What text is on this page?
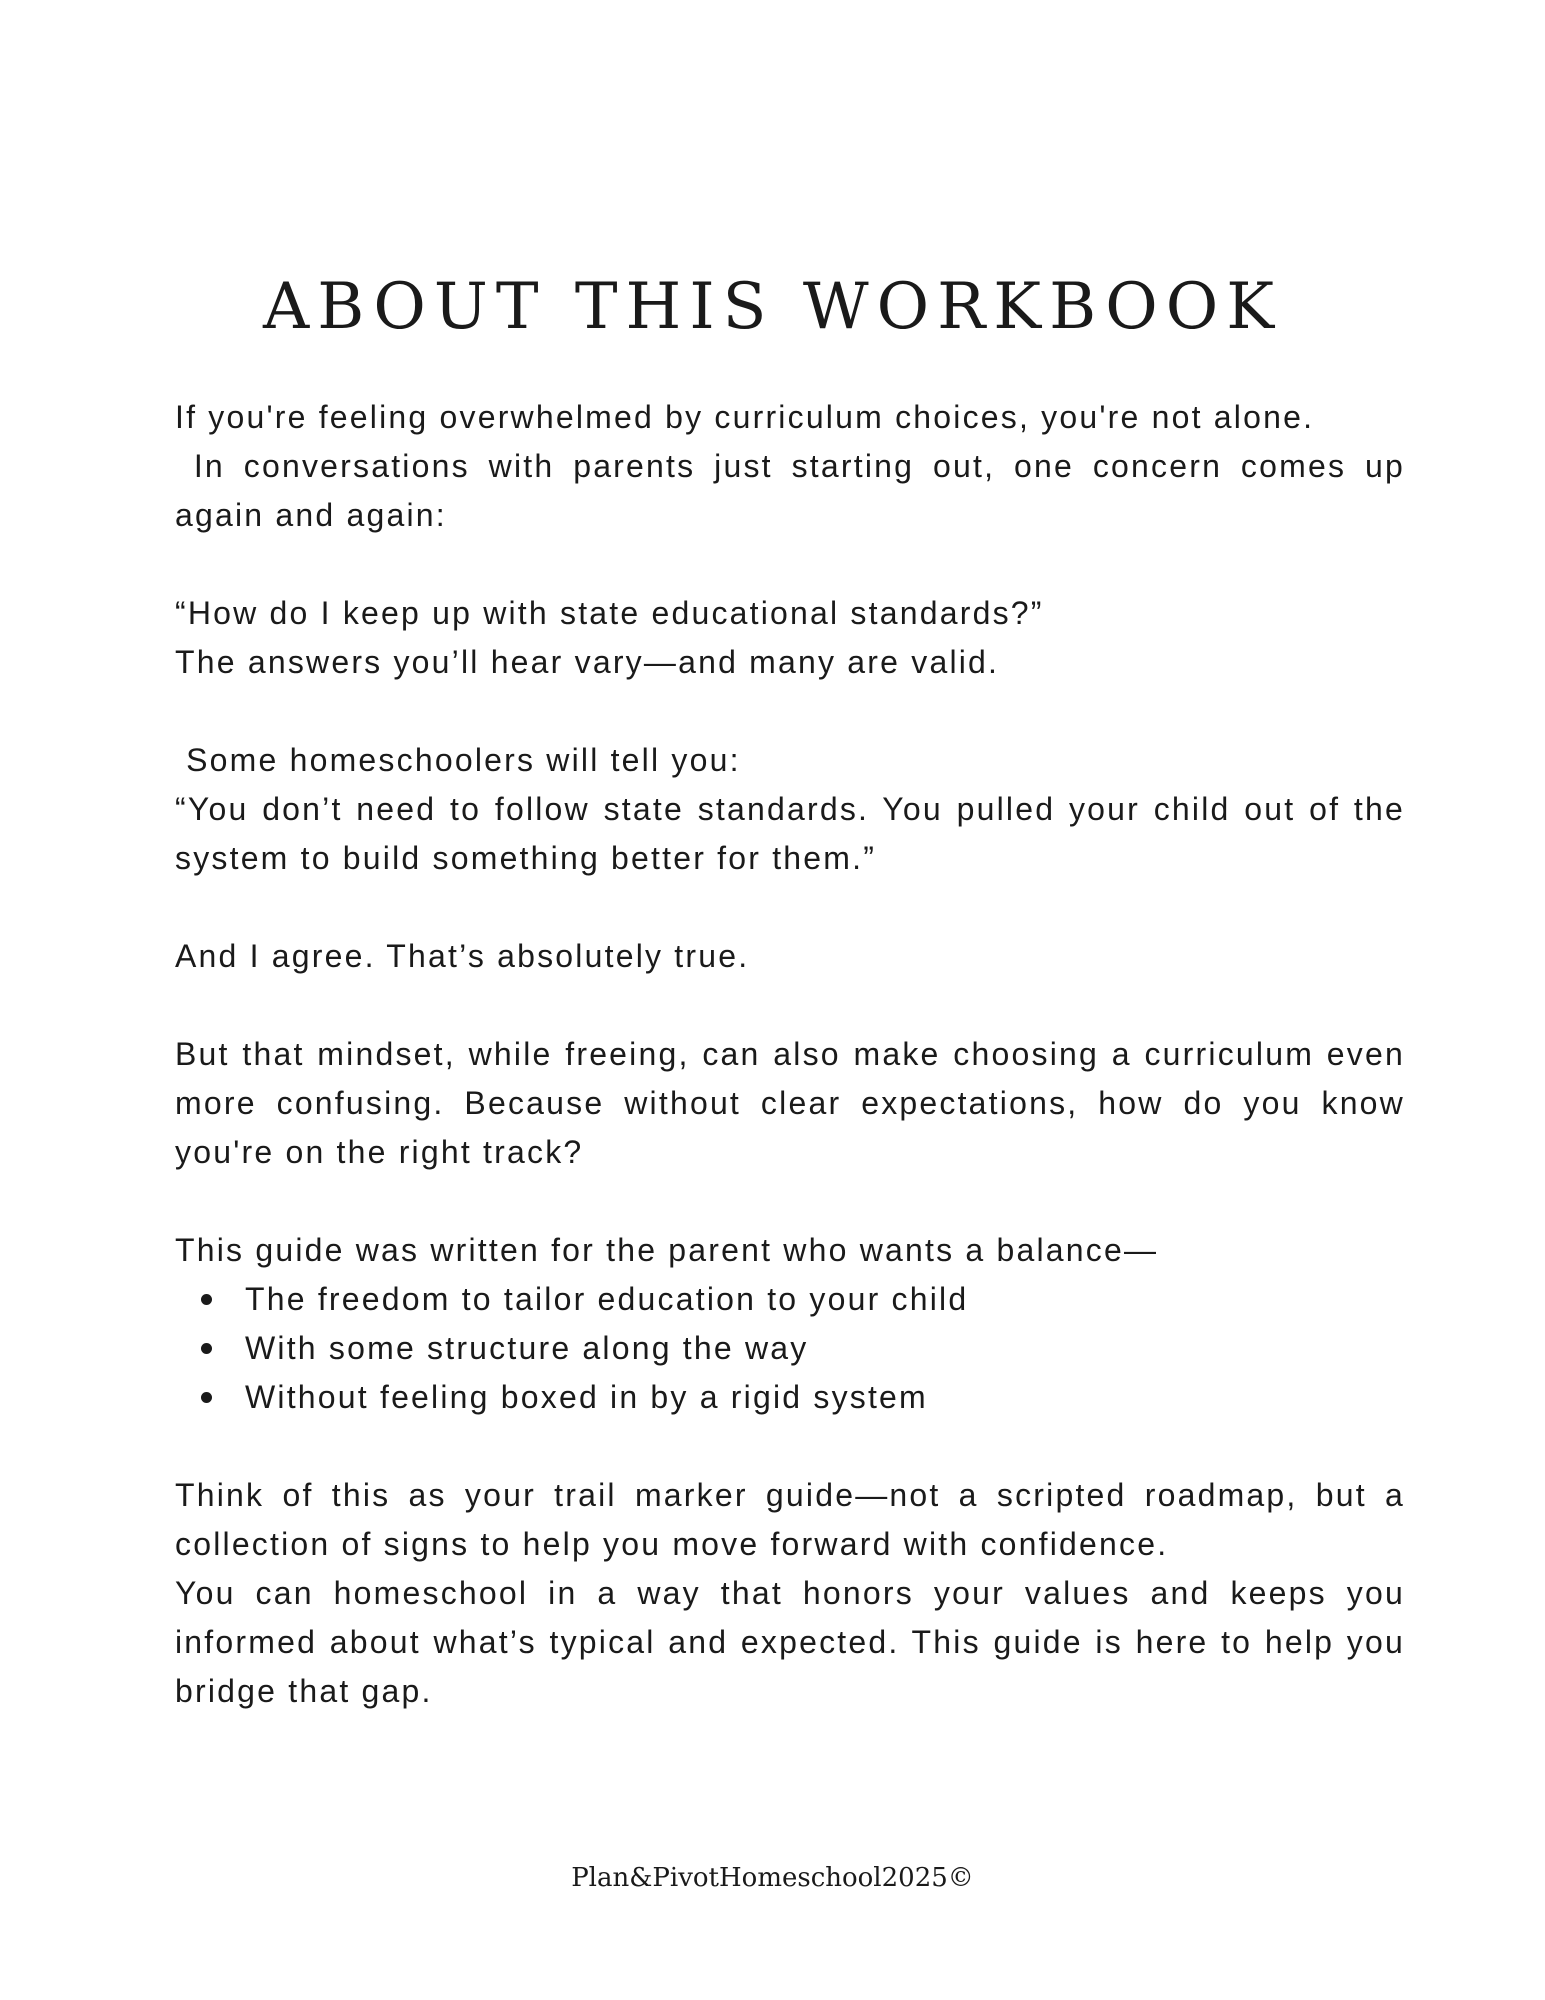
ABOUT THIS WORKBOOK

If you're feeling overwhelmed by curriculum choices, you're not alone.

In conversations with parents just starting out, one concern comes up again and again:

“How do I keep up with state educational standards?”

The answers you’ll hear vary—and many are valid.

Some homeschoolers will tell you:

“You don’t need to follow state standards. You pulled your child out of the system to build something better for them.”

And I agree. That’s absolutely true.

But that mindset, while freeing, can also make choosing a curriculum even more confusing. Because without clear expectations, how do you know you're on the right track?

This guide was written for the parent who wants a balance—

The freedom to tailor education to your child
With some structure along the way
Without feeling boxed in by a rigid system

Think of this as your trail marker guide—not a scripted roadmap, but a collection of signs to help you move forward with confidence.

You can homeschool in a way that honors your values and keeps you informed about what’s typical and expected. This guide is here to help you bridge that gap.

Plan&PivotHomeschool2025©
